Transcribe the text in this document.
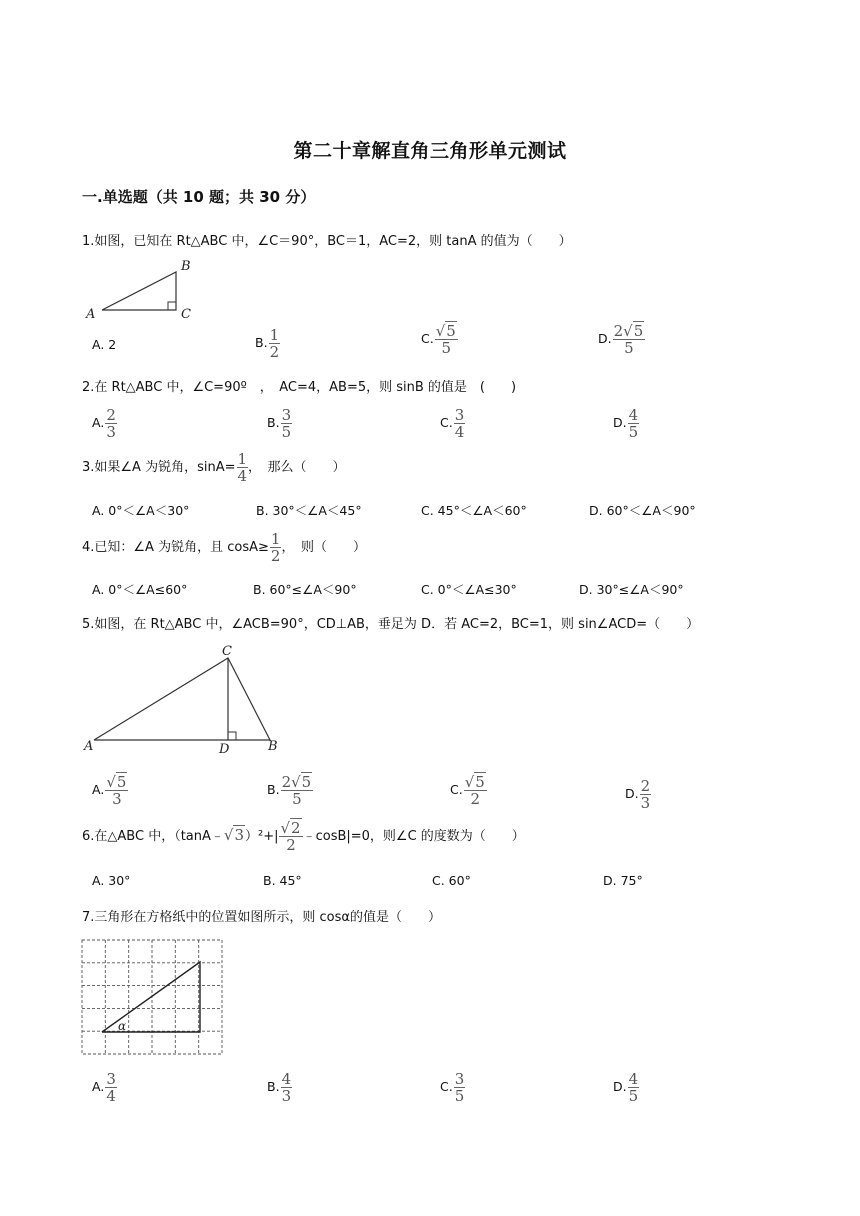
第二十章解直角三角形单元测试
一.单选题（共 10 题；共 30 分）
1.如图，已知在 Rt△ABC 中，∠C＝90°，BC＝1，AC=2，则 tanA 的值为（　　）
A
B
C
A. 2	B. $\frac{1}{2}$	C. $\frac{√5}{5}$	D. $\frac{2√5}{5}$
2.在 Rt△ABC 中，∠C=90º　，　AC=4，AB=5，则 sinB 的值是　(　　)
A. $\frac{2}{3}$	B. $\frac{3}{5}$	C. $\frac{3}{4}$	D. $\frac{4}{5}$
3.如果∠A 为锐角，$\sin A= \frac{1}{4}$ ，　那么（　　）
A. 0°＜∠A＜30°	B. 30°＜∠A＜45°	C. 45°＜∠A＜60°	D. 60°＜∠A＜90°
4.已知：∠A 为锐角，且 $\cos A\ge \frac{1}{2}$ ，　则（　　）
A. 0°＜∠A≤60°	B. 60°≤∠A＜90°	C. 0°＜∠A≤30°	D. 30°≤∠A＜90°
5.如图，在 Rt△ABC 中，∠ACB=90°，CD⊥AB，垂足为 D．若 AC=2，BC=1，则 sin∠ACD=（　　）
A
C
D	B
A. $\frac{√5}{3}$	B. $\frac{2√5}{5}$	C. $\frac{√5}{2}$	D. $\frac{2}{3}$
6.在△ABC 中，（tanA﹣√3）²+| $\frac{√2}{2}$ ﹣cosB|=0，则∠C 的度数为（　　）
A. 30°	B. 45°	C. 60°	D. 75°
7.三角形在方格纸中的位置如图所示，则 cosα的值是（　　）
α
A. $\frac{3}{4}$	B. $\frac{4}{3}$	C. $\frac{3}{5}$	D. $\frac{4}{5}$
